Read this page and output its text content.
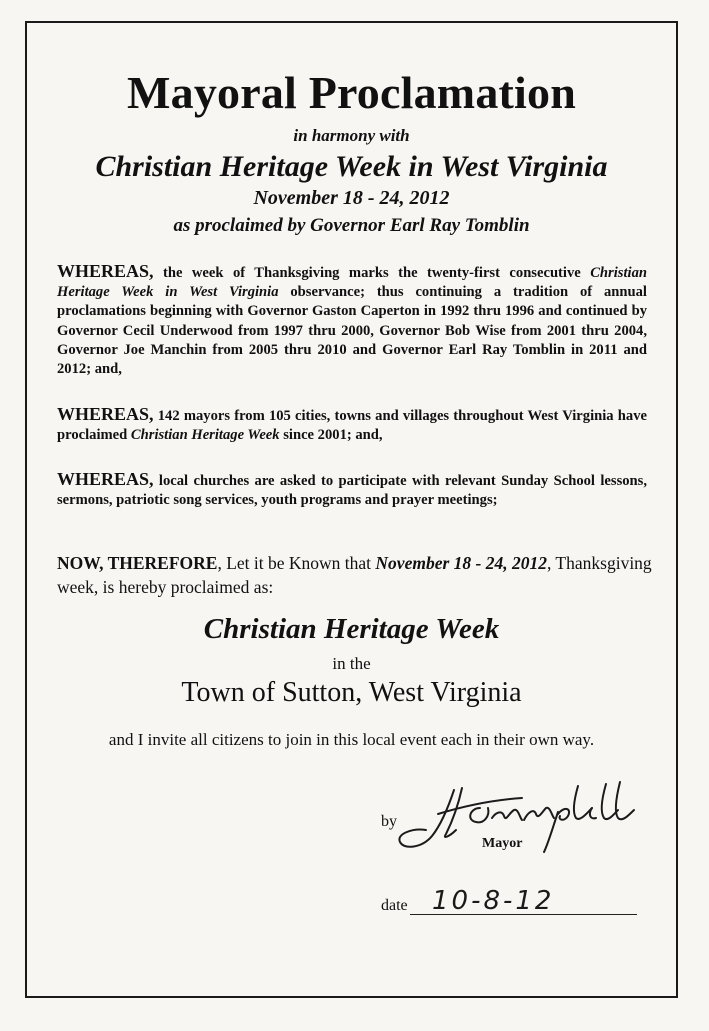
Mayoral Proclamation
in harmony with
Christian Heritage Week in West Virginia
November 18 - 24, 2012
as proclaimed by Governor Earl Ray Tomblin

WHEREAS, the week of Thanksgiving marks the twenty-first consecutive Christian Heritage Week in West Virginia observance; thus continuing a tradition of annual proclamations beginning with Governor Gaston Caperton in 1992 thru 1996 and continued by Governor Cecil Underwood from 1997 thru 2000, Governor Bob Wise from 2001 thru 2004, Governor Joe Manchin from 2005 thru 2010 and Governor Earl Ray Tomblin in 2011 and 2012; and,

WHEREAS, 142 mayors from 105 cities, towns and villages throughout West Virginia have proclaimed Christian Heritage Week since 2001; and,

WHEREAS, local churches are asked to participate with relevant Sunday School lessons, sermons, patriotic song services, youth programs and prayer meetings;

NOW, THEREFORE, Let it be Known that November 18 - 24, 2012, Thanksgiving week, is hereby proclaimed as:

Christian Heritage Week
in the
Town of Sutton, West Virginia
and I invite all citizens to join in this local event each in their own way.
by
Mayor
date 10-8-12
